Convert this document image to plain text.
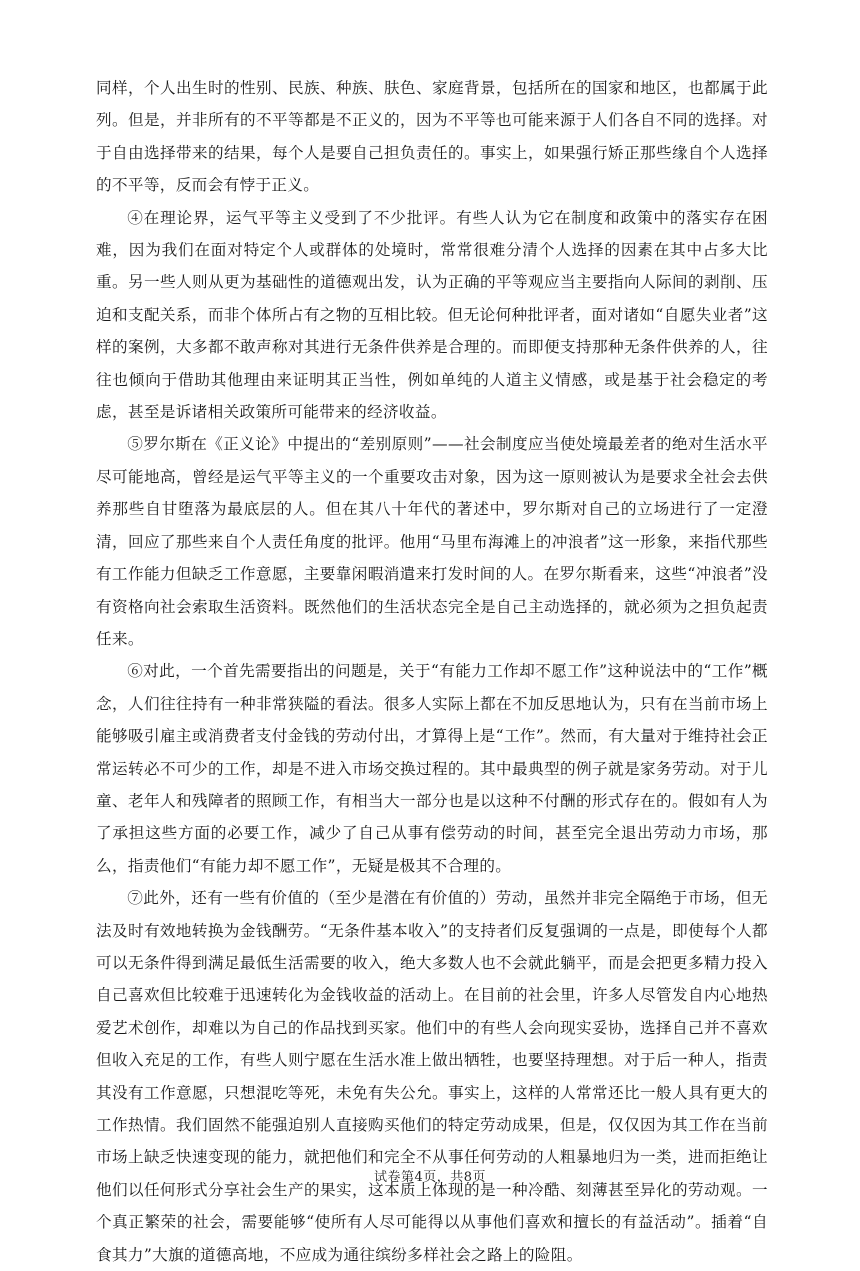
同样，个人出生时的性别、民族、种族、肤色、家庭背景，包括所在的国家和地区，也都属于此列。但是，并非所有的不平等都是不正义的，因为不平等也可能来源于人们各自不同的选择。对于自由选择带来的结果，每个人是要自己担负责任的。事实上，如果强行矫正那些缘自个人选择的不平等，反而会有悖于正义。

④在理论界，运气平等主义受到了不少批评。有些人认为它在制度和政策中的落实存在困难，因为我们在面对特定个人或群体的处境时，常常很难分清个人选择的因素在其中占多大比重。另一些人则从更为基础性的道德观出发，认为正确的平等观应当主要指向人际间的剥削、压迫和支配关系，而非个体所占有之物的互相比较。但无论何种批评者，面对诸如“自愿失业者”这样的案例，大多都不敢声称对其进行无条件供养是合理的。而即便支持那种无条件供养的人，往往也倾向于借助其他理由来证明其正当性，例如单纯的人道主义情感，或是基于社会稳定的考虑，甚至是诉诸相关政策所可能带来的经济收益。

⑤罗尔斯在《正义论》中提出的“差别原则”——社会制度应当使处境最差者的绝对生活水平尽可能地高，曾经是运气平等主义的一个重要攻击对象，因为这一原则被认为是要求全社会去供养那些自甘堕落为最底层的人。但在其八十年代的著述中，罗尔斯对自己的立场进行了一定澄清，回应了那些来自个人责任角度的批评。他用“马里布海滩上的冲浪者”这一形象，来指代那些有工作能力但缺乏工作意愿，主要靠闲暇消遣来打发时间的人。在罗尔斯看来，这些“冲浪者”没有资格向社会索取生活资料。既然他们的生活状态完全是自己主动选择的，就必须为之担负起责任来。

⑥对此，一个首先需要指出的问题是，关于“有能力工作却不愿工作”这种说法中的“工作”概念，人们往往持有一种非常狭隘的看法。很多人实际上都在不加反思地认为，只有在当前市场上能够吸引雇主或消费者支付金钱的劳动付出，才算得上是“工作”。然而，有大量对于维持社会正常运转必不可少的工作，却是不进入市场交换过程的。其中最典型的例子就是家务劳动。对于儿童、老年人和残障者的照顾工作，有相当大一部分也是以这种不付酬的形式存在的。假如有人为了承担这些方面的必要工作，减少了自己从事有偿劳动的时间，甚至完全退出劳动力市场，那么，指责他们“有能力却不愿工作”，无疑是极其不合理的。

⑦此外，还有一些有价值的（至少是潜在有价值的）劳动，虽然并非完全隔绝于市场，但无法及时有效地转换为金钱酬劳。“无条件基本收入”的支持者们反复强调的一点是，即使每个人都可以无条件得到满足最低生活需要的收入，绝大多数人也不会就此躺平，而是会把更多精力投入自己喜欢但比较难于迅速转化为金钱收益的活动上。在目前的社会里，许多人尽管发自内心地热爱艺术创作，却难以为自己的作品找到买家。他们中的有些人会向现实妥协，选择自己并不喜欢但收入充足的工作，有些人则宁愿在生活水准上做出牺牲，也要坚持理想。对于后一种人，指责其没有工作意愿，只想混吃等死，未免有失公允。事实上，这样的人常常还比一般人具有更大的工作热情。我们固然不能强迫别人直接购买他们的特定劳动成果，但是，仅仅因为其工作在当前市场上缺乏快速变现的能力，就把他们和完全不从事任何劳动的人粗暴地归为一类，进而拒绝让他们以任何形式分享社会生产的果实，这本质上体现的是一种冷酷、刻薄甚至异化的劳动观。一个真正繁荣的社会，需要能够“使所有人尽可能得以从事他们喜欢和擅长的有益活动”。插着“自食其力”大旗的道德高地，不应成为通往缤纷多样社会之路上的险阻。

试卷第4页，共8页
